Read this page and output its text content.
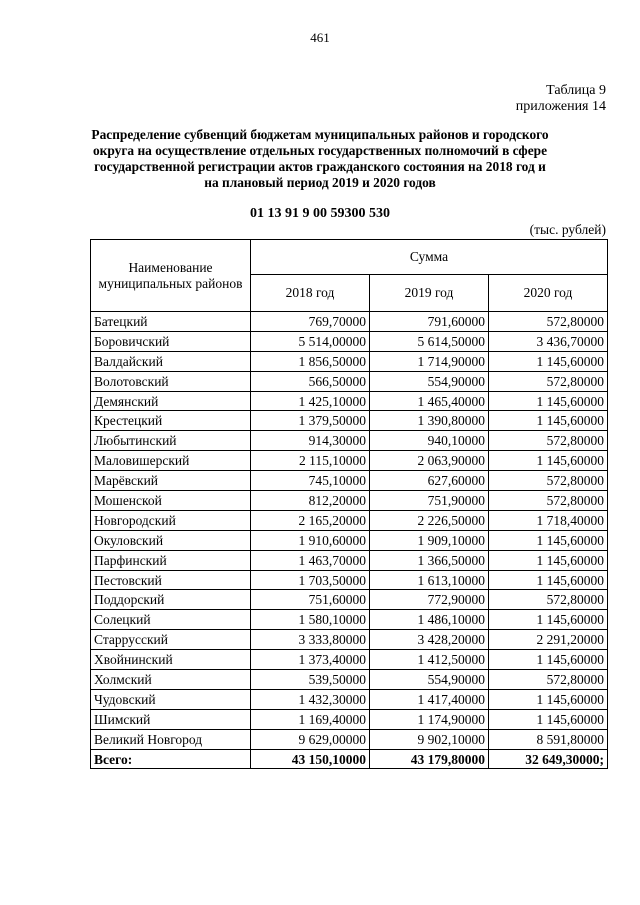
461
Таблица 9
приложения 14
Распределение субвенций бюджетам муниципальных районов и городского
округа на осуществление отдельных государственных полномочий в сфере
государственной регистрации актов гражданского состояния на 2018 год и
на плановый период 2019 и 2020 годов
01 13 91 9 00 59300 530
(тыс. рублей)
Наименование муниципальных районов	Сумма		
	2018 год	2019 год	2020 год
Батецкий	769,70000	791,60000	572,80000
Боровичский	5 514,00000	5 614,50000	3 436,70000
Валдайский	1 856,50000	1 714,90000	1 145,60000
Волотовский	566,50000	554,90000	572,80000
Демянский	1 425,10000	1 465,40000	1 145,60000
Крестецкий	1 379,50000	1 390,80000	1 145,60000
Любытинский	914,30000	940,10000	572,80000
Маловишерский	2 115,10000	2 063,90000	1 145,60000
Марёвский	745,10000	627,60000	572,80000
Мошенской	812,20000	751,90000	572,80000
Новгородский	2 165,20000	2 226,50000	1 718,40000
Окуловский	1 910,60000	1 909,10000	1 145,60000
Парфинский	1 463,70000	1 366,50000	1 145,60000
Пестовский	1 703,50000	1 613,10000	1 145,60000
Поддорский	751,60000	772,90000	572,80000
Солецкий	1 580,10000	1 486,10000	1 145,60000
Старрусский	3 333,80000	3 428,20000	2 291,20000
Хвойнинский	1 373,40000	1 412,50000	1 145,60000
Холмский	539,50000	554,90000	572,80000
Чудовский	1 432,30000	1 417,40000	1 145,60000
Шимский	1 169,40000	1 174,90000	1 145,60000
Великий Новгород	9 629,00000	9 902,10000	8 591,80000
Всего:	43 150,10000	43 179,80000	32 649,30000;
